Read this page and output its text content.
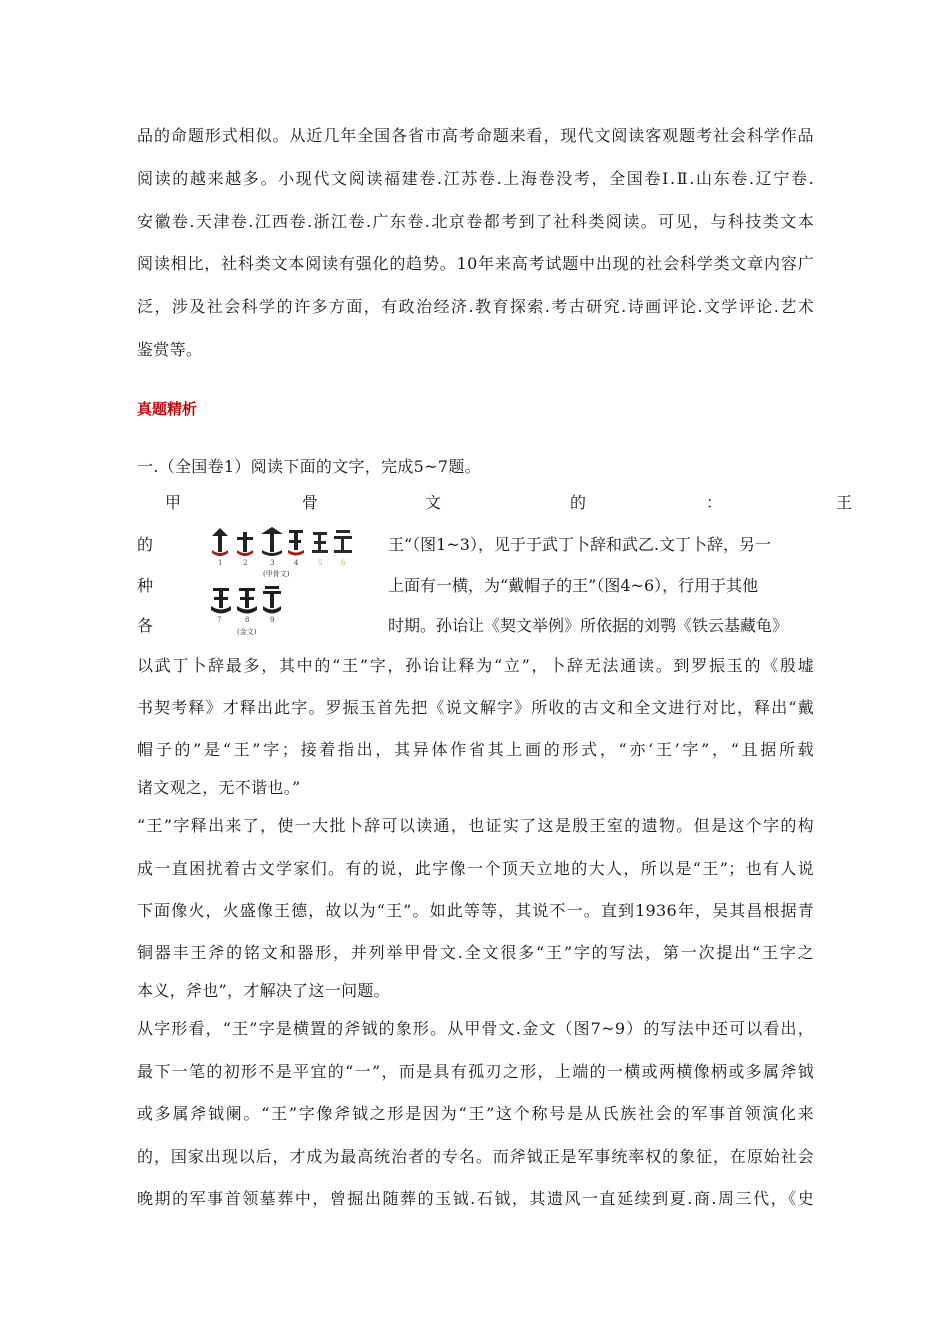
品的命题形式相似。从近几年全国各省市高考命题来看，现代文阅读客观题考社会科学作品
阅读的越来越多。小现代文阅读福建卷.江苏卷.上海卷没考，全国卷Ⅰ.Ⅱ.山东卷.辽宁卷.
安徽卷.天津卷.江西卷.浙江卷.广东卷.北京卷都考到了社科类阅读。可见，与科技类文本
阅读相比，社科类文本阅读有强化的趋势。10年来高考试题中出现的社会科学类文章内容广
泛，涉及社会科学的许多方面，有政治经济.教育探索.考古研究.诗画评论.文学评论.艺术
鉴赏等。
真题精析
一.（全国卷1）阅读下面的文字，完成5~7题。
甲	骨	文	的	：	王
的
种
各
王“（图1~3），见于于武丁卜辞和武乙.文丁卜辞，另一
上面有一横，为“戴帽子的王”（图4~6），行用于其他
时期。孙诒让《契文举例》所依据的刘鹗《铁云基藏龟》
1	2	3	4	5	6
(甲骨文)
7	8	9
(金文)
以武丁卜辞最多，其中的“王”字，孙诒让释为“立”，卜辞无法通读。到罗振玉的《殷墟
书契考释》才释出此字。罗振玉首先把《说文解字》所收的古文和全文进行对比，释出“戴
帽子的”是“王”字；接着指出，其异体作省其上画的形式，“亦‘王’字”，“且据所载
诸文观之，无不谐也。”
“王”字释出来了，使一大批卜辞可以读通，也证实了这是殷王室的遗物。但是这个字的构
成一直困扰着古文学家们。有的说，此字像一个顶天立地的大人，所以是“王”；也有人说
下面像火，火盛像王德，故以为“王”。如此等等，其说不一。直到1936年，吴其昌根据青
铜器丰王斧的铭文和器形，并列举甲骨文.全文很多“王”字的写法，第一次提出“王字之
本义，斧也”，才解决了这一问题。
从字形看，“王”字是横置的斧钺的象形。从甲骨文.金文（图7~9）的写法中还可以看出，
最下一笔的初形不是平宜的“一”，而是具有孤刃之形，上端的一横或两横像柄或多属斧钺
或多属斧钺阑。“王”字像斧钺之形是因为“王”这个称号是从氏族社会的军事首领演化来
的，国家出现以后，才成为最高统治者的专名。而斧钺正是军事统率权的象征，在原始社会
晚期的军事首领墓葬中，曾掘出随葬的玉钺.石钺，其遗风一直延续到夏.商.周三代，《史
